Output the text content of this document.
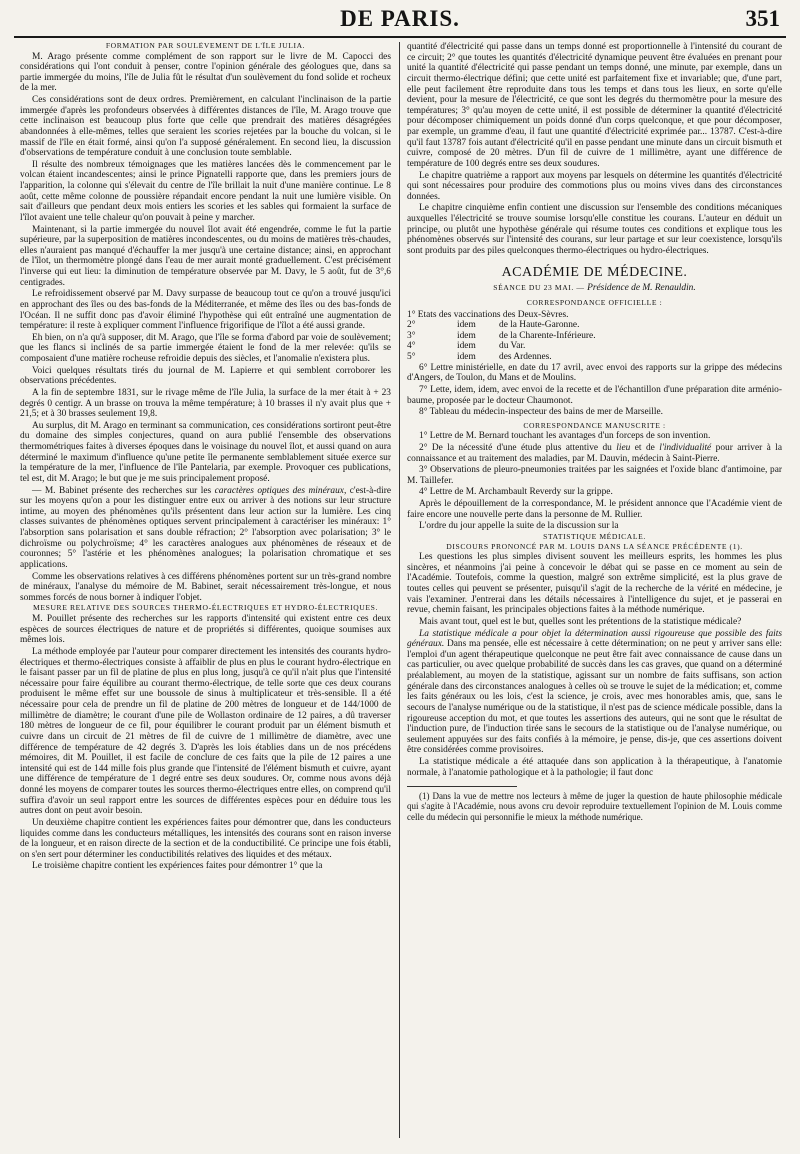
DE PARIS.	351

FORMATION PAR SOULÈVEMENT DE L'ÎLE JULIA.

M. Arago présente comme complément de son rapport sur le livre de M. Capocci des considérations qui l'ont conduit à penser, contre l'opinion générale des géologues que, dans sa partie immergée du moins, l'île de Julia fût le résultat d'un soulèvement du fond solide et rocheux de la mer.

Ces considérations sont de deux ordres. Premièrement, en calculant l'inclinaison de la partie immergée d'après les profondeurs observées à différentes distances de l'île, M. Arago trouve que cette inclinaison est beaucoup plus forte que celle que prendrait des matières désagrégées abandonnées à elle-mêmes, telles que seraient les scories rejetées par la bouche du volcan, si le massif de l'île en était formé, ainsi qu'on l'a supposé généralement. En second lieu, la discussion d'observations de température conduit à une conclusion toute semblable.

Il résulte des nombreux témoignages que les matières lancées dès le commencement par le volcan étaient incandescentes; ainsi le prince Pignatelli rapporte que, dans les premiers jours de l'apparition, la colonne qui s'élevait du centre de l'île brillait la nuit d'une manière continue. Le 8 août, cette même colonne de poussière répandait encore pendant la nuit une lumière visible. On sait d'ailleurs que pendant deux mois entiers les scories et les sables qui formaient la surface de l'îlot avaient une telle chaleur qu'on pouvait à peine y marcher.

Maintenant, si la partie immergée du nouvel îlot avait été engendrée, comme le fut la partie supérieure, par la superposition de matières incondescentes, ou du moins de matières très-chaudes, elles n'auraient pas manqué d'échauffer la mer jusqu'à une certaine distance; ainsi, en approchant de l'îlot, un thermomètre plongé dans l'eau de mer aurait monté graduellement. C'est précisément l'inverse qui eut lieu: la diminution de température observée par M. Davy, le 5 août, fut de 3°,6 centigrades.

Le refroidissement observé par M. Davy surpasse de beaucoup tout ce qu'on a trouvé jusqu'ici en approchant des îles ou des bas-fonds de la Méditerranée, et même des îles ou des bas-fonds de l'Océan. Il ne suffit donc pas d'avoir éliminé l'hypothèse qui eût entraîné une augmentation de température: il reste à expliquer comment l'influence frigorifique de l'îlot a été aussi grande.

Eh bien, on n'a qu'à supposer, dit M. Arago, que l'île se forma d'abord par voie de soulèvement; que les flancs si inclinés de sa partie immergée étaient le fond de la mer relevée: qu'ils se composaient d'une matière rocheuse refroidie depuis des siècles, et l'anomalie n'existera plus.

Voici quelques résultats tirés du journal de M. Lapierre et qui semblent corroborer les observations précédentes.

A la fin de septembre 1831, sur le rivage même de l'île Julia, la surface de la mer était à + 23 degrés 0 centigr. A un brasse on trouva la même température; à 10 brasses il n'y avait plus que + 21,5; et à 30 brasses seulement 19,8.

Au surplus, dit M. Arago en terminant sa communication, ces considérations sortiront peut-être du domaine des simples conjectures, quand on aura publié l'ensemble des observations thermométriques faites à diverses époques dans le voisinage du nouvel îlot, et aussi quand on aura déterminé le maximum d'influence qu'une petite île permanente semblablement située exerce sur la température de la mer, l'influence de l'île Pantelaria, par exemple. Provoquer ces publications, tel est, dit M. Arago; le but que je me suis principalement proposé.

— M. Babinet présente des recherches sur les caractères optiques des minéraux, c'est-à-dire sur les moyens qu'on a pour les distinguer entre eux ou arriver à des notions sur leur structure intime, au moyen des phénomènes qu'ils présentent dans leur action sur la lumière. Les cinq classes suivantes de phénomènes optiques servent principalement à caractériser les minéraux: 1° l'absorption sans polarisation et sans double réfraction; 2° l'absorption avec polarisation; 3° le dichroïsme ou polychroïsme; 4° les caractères analogues aux phénomènes de réseaux et de couronnes; 5° l'astérie et les phénomènes analogues; la polarisation chromatique et ses applications.

Comme les observations relatives à ces différens phénomènes portent sur un très-grand nombre de minéraux, l'analyse du mémoire de M. Babinet, serait nécessairement très-longue, et nous sommes forcés de nous borner à indiquer l'objet.

MESURE RELATIVE DES SOURCES THERMO-ÉLECTRIQUES ET HYDRO-ÉLECTRIQUES.

M. Pouillet présente des recherches sur les rapports d'intensité qui existent entre ces deux espèces de sources électriques de nature et de propriétés si différentes, quoique soumises aux mêmes lois.

La méthode employée par l'auteur pour comparer directement les intensités des courants hydro-électriques et thermo-électriques consiste à affaiblir de plus en plus le courant hydro-électrique en le faisant passer par un fil de platine de plus en plus long, jusqu'à ce qu'il n'ait plus que l'intensité nécessaire pour faire équilibre au courant thermo-électrique, de telle sorte que ces deux courans produisent le même effet sur une boussole de sinus à multiplicateur et très-sensible. Il a été nécessaire pour cela de prendre un fil de platine de 200 mètres de longueur et de 144/1000 de millimètre de diamètre; le courant d'une pile de Wollaston ordinaire de 12 paires, a dû traverser 180 mètres de longueur de ce fil, pour équilibrer le courant produit par un élément bismuth et cuivre dans un circuit de 21 mètres de fil de cuivre de 1 millimètre de diamètre, avec une différence de température de 42 degrés 3. D'après les lois établies dans un de nos précédens mémoires, dit M. Pouillet, il est facile de conclure de ces faits que la pile de 12 paires a une intensité qui est de 144 mille fois plus grande que l'intensité de l'élément bismuth et cuivre, ayant une différence de température de 1 degré entre ses deux soudures. Or, comme nous avons déjà donné les moyens de comparer toutes les sources thermo-électriques entre elles, on comprend qu'il suffira d'avoir un seul rapport entre les sources de différentes espèces pour en déduire tous les autres dont on peut avoir besoin.

Un deuxième chapitre contient les expériences faites pour démontrer que, dans les conducteurs liquides comme dans les conducteurs métalliques, les intensités des courans sont en raison inverse de la longueur, et en raison directe de la section et de la conductibilité. Ce principe une fois établi, on s'en sert pour déterminer les conductibilités relatives des liquides et des métaux.

Le troisième chapitre contient les expériences faites pour démontrer 1° que la

quantité d'électricité qui passe dans un temps donné est proportionnelle à l'intensité du courant de ce circuit; 2° que toutes les quantités d'électricité dynamique peuvent être évaluées en prenant pour unité la quantité d'électricité qui passe pendant un temps donné, une minute, par exemple, dans un circuit thermo-électrique défini; que cette unité est parfaitement fixe et invariable; que, d'une part, elle peut facilement être reproduite dans tous les temps et dans tous les lieux, en sorte qu'elle devient, pour la mesure de l'électricité, ce que sont les degrés du thermomètre pour la mesure des températures; 3° qu'au moyen de cette unité, il est possible de déterminer la quantité d'électricité pour décomposer chimiquement un poids donné d'un corps quelconque, et que pour décomposer, par exemple, un gramme d'eau, il faut une quantité d'électricité exprimée par... 13787. C'est-à-dire qu'il faut 13787 fois autant d'électricité qu'il en passe pendant une minute dans un circuit bismuth et cuivre, composé de 20 mètres. D'un fil de cuivre de 1 millimètre, ayant une différence de température de 100 degrés entre ses deux soudures.

Le chapitre quatrième a rapport aux moyens par lesquels on détermine les quantités d'électricité qui sont nécessaires pour produire des commotions plus ou moins vives dans des circonstances données.

Le chapitre cinquième enfin contient une discussion sur l'ensemble des conditions mécaniques auxquelles l'électricité se trouve soumise lorsqu'elle constitue les courans. L'auteur en déduit un principe, ou plutôt une hypothèse générale qui résume toutes ces conditions et explique tous les phénomènes observés sur l'intensité des courans, sur leur partage et sur leur coexistence, lorsqu'ils sont produits par des piles quelconques thermo-électriques ou hydro-électriques.

ACADÉMIE DE MÉDECINE.
SÉANCE DU 23 MAI. — Présidence de M. Renauldin.

CORRESPONDANCE OFFICIELLE :

1° Etats des vaccinations des Deux-Sèvres.
2°	idem	de la Haute-Garonne.
3°	idem	de la Charente-Inférieure.
4°	idem	du Var.
5°	idem	des Ardennes.

6° Lettre ministérielle, en date du 17 avril, avec envoi des rapports sur la grippe des médecins d'Angers, de Toulon, du Mans et de Moulins.

7° Lette, idem, idem, avec envoi de la recette et de l'échantillon d'une préparation dite arménio-baume, proposée par le docteur Chaumonot.

8° Tableau du médecin-inspecteur des bains de mer de Marseille.

CORRESPONDANCE MANUSCRITE :

1° Lettre de M. Bernard touchant les avantages d'un forceps de son invention.

2° De la nécessité d'une étude plus attentive du lieu et de l'individualité pour arriver à la connaissance et au traitement des maladies, par M. Dauvin, médecin à Saint-Pierre.

3° Observations de pleuro-pneumonies traitées par les saignées et l'oxide blanc d'antimoine, par M. Taillefer.

4° Lettre de M. Archambault Reverdy sur la grippe.

Après le dépouillement de la correspondance, M. le président annonce que l'Académie vient de faire encore une nouvelle perte dans la personne de M. Rullier.

L'ordre du jour appelle la suite de la discussion sur la

STATISTIQUE MÉDICALE.

DISCOURS PRONONCÉ PAR M. LOUIS DANS LA SÉANCE PRÉCÉDENTE (1).

Les questions les plus simples divisent souvent les meilleurs esprits, les hommes les plus sincères, et néanmoins j'ai peine à concevoir le débat qui se passe en ce moment au sein de l'Académie. Toutefois, comme la question, malgré son extrême simplicité, est la plus grave de toutes celles qui peuvent se présenter, puisqu'il s'agit de la recherche de la vérité en médecine, je vais l'examiner. J'entrerai dans les détails nécessaires à l'intelligence du sujet, et je passerai en revue, chemin faisant, les principales objections faites à la méthode numérique.

Mais avant tout, quel est le but, quelles sont les prétentions de la statistique médicale?

La statistique médicale a pour objet la détermination aussi rigoureuse que possible des faits généraux. Dans ma pensée, elle est nécessaire à cette détermination; on ne peut y arriver sans elle: l'emploi d'un agent thérapeutique quelconque ne peut être fait avec connaissance de cause dans un cas particulier, ou avec quelque probabilité de succès dans les cas graves, que quand on a déterminé préalablement, au moyen de la statistique, agissant sur un nombre de faits suffisans, son action générale dans des circonstances analogues à celles où se trouve le sujet de la médication; et, comme les faits généraux ou les lois, c'est la science, je crois, avec mes honorables amis, que, sans le secours de l'analyse numérique ou de la statistique, il n'est pas de science médicale possible, dans la rigoureuse acception du mot, et que toutes les assertions des auteurs, qui ne sont que le résultat de l'induction pure, de l'induction tirée sans le secours de la statistique ou de l'analyse numérique, ou seulement appuyées sur des faits confiés à la mémoire, je pense, dis-je, que ces assertions doivent être considérées comme provisoires.

La statistique médicale a été attaquée dans son application à la thérapeutique, à l'anatomie normale, à l'anatomie pathologique et à la pathologie; il faut donc

(1) Dans la vue de mettre nos lecteurs à même de juger la question de haute philosophie médicale qui s'agite à l'Académie, nous avons cru devoir reproduire textuellement l'opinion de M. Louis comme celle du médecin qui personnifie le mieux la méthode numérique.
